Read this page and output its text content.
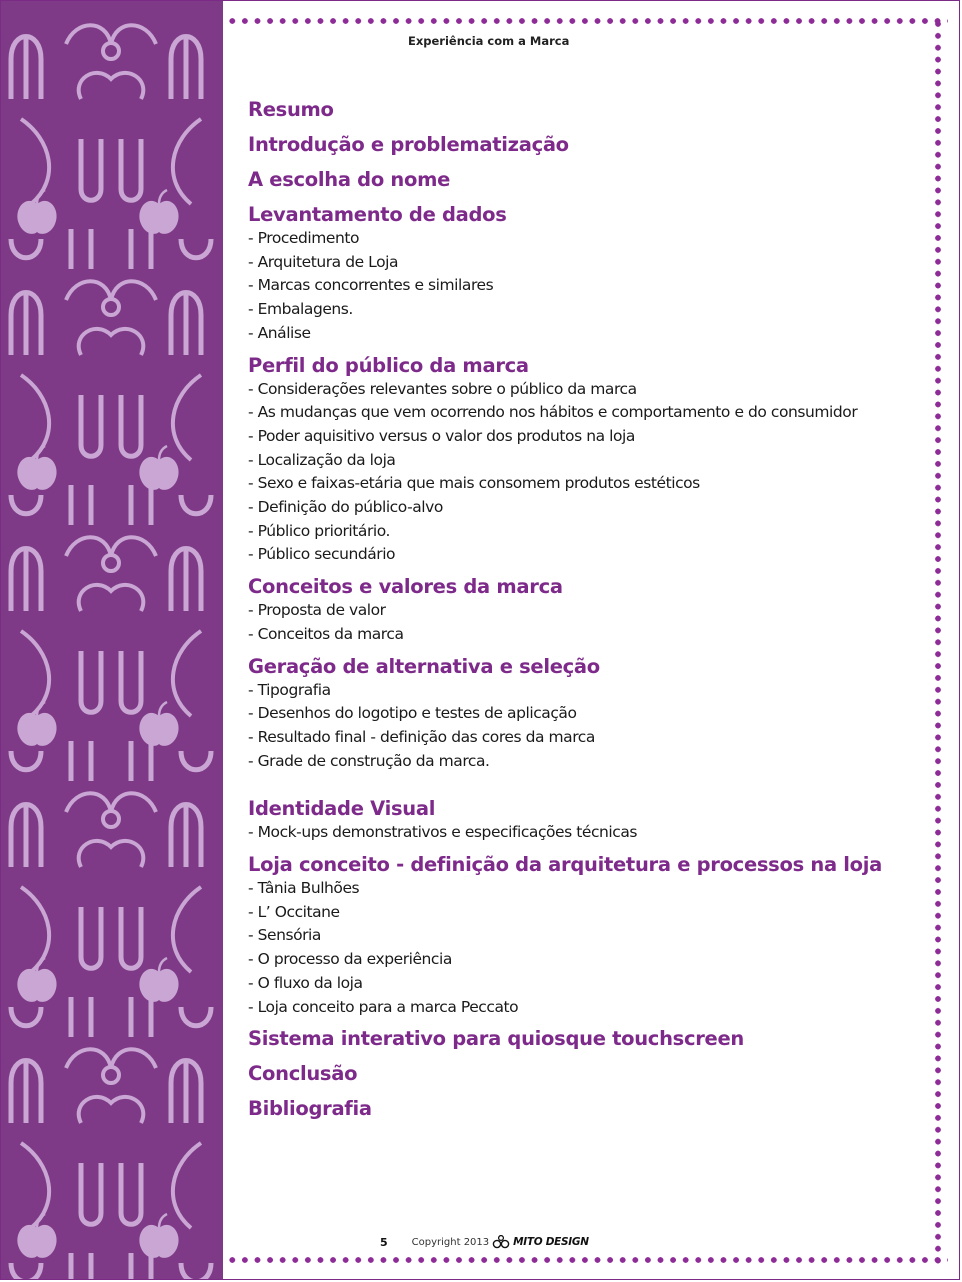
Experiência com a Marca
Resumo
Introdução e problematização
A escolha do nome
Levantamento de dados
- Procedimento
- Arquitetura de Loja
- Marcas concorrentes e similares
- Embalagens.
- Análise
Perfil do público da marca
- Considerações relevantes sobre o público da marca
- As mudanças que vem ocorrendo nos hábitos e comportamento e do consumidor
- Poder aquisitivo versus o valor dos produtos na loja
- Localização da loja
- Sexo e faixas-etária que mais consomem produtos estéticos
- Definição do público-alvo
- Público prioritário.
- Público secundário
Conceitos e valores da marca
- Proposta de valor
- Conceitos da marca
Geração de alternativa e seleção
- Tipografia
- Desenhos do logotipo e testes de aplicação
- Resultado final - definição das cores da marca
- Grade de construção da marca.
Identidade Visual
- Mock-ups demonstrativos e especificações técnicas
Loja conceito - definição da arquitetura e processos na loja
- Tânia Bulhões
- L’ Occitane
- Sensória
- O processo da experiência
- O fluxo da loja
- Loja conceito para a marca Peccato
Sistema interativo para quiosque touchscreen
Conclusão
Bibliografia
5 Copyright 2013 MITO DESIGN
